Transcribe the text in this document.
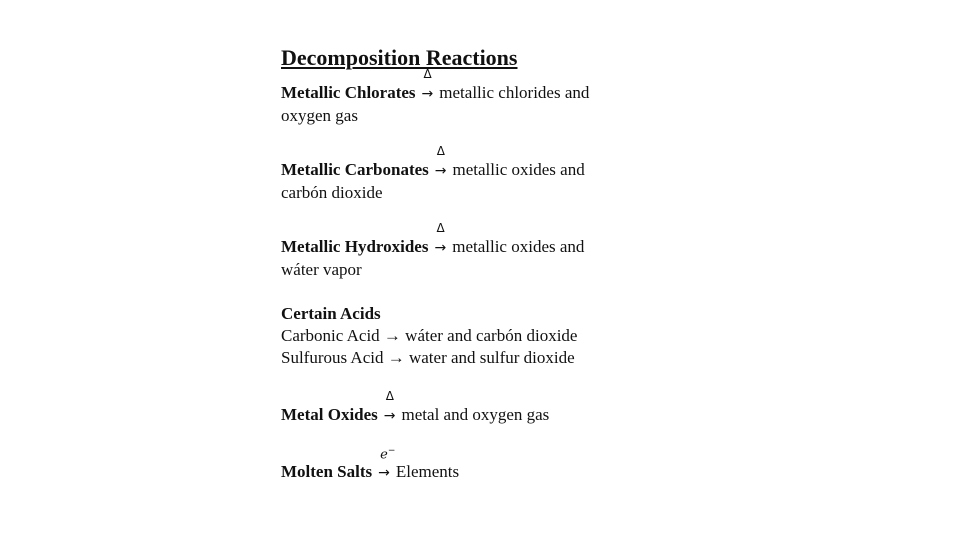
Decomposition Reactions
Metallic Chlorates
Δ
→ metallic chlorides and
oxygen gas
Metallic Carbonates
Δ
→ metallic oxides and
carbón dioxide
Metallic Hydroxides
Δ
→ metallic oxides and
wáter vapor
Certain Acids
Carbonic Acid → wáter and carbón dioxide
Sulfurous Acid → water and sulfur dioxide
Metal Oxides
Δ
→ metal and oxygen gas
Molten Salts
e−
→ Elements
